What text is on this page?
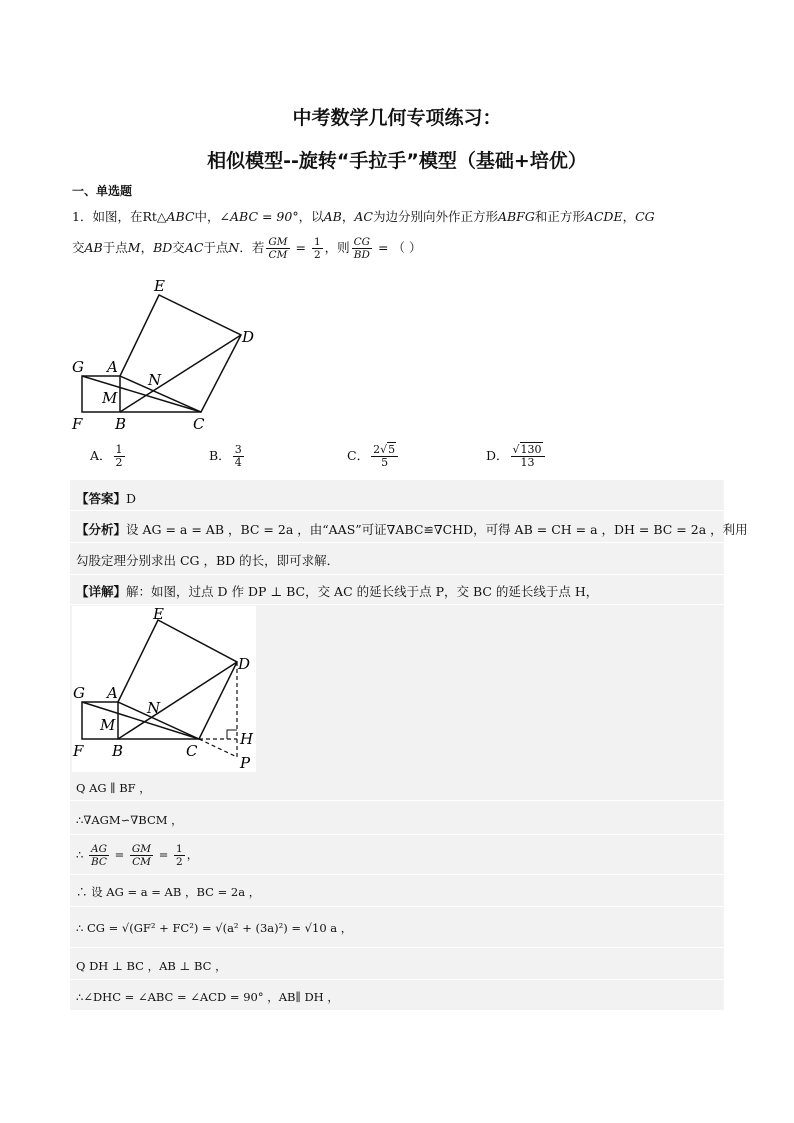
中考数学几何专项练习：
相似模型--旋转“手拉手”模型（基础+培优）
一、单选题
1．如图，在Rt△ABC中，∠ABC = 90°，以AB，AC为边分别向外作正方形ABFG和正方形ACDE，CG
交AB于点M，BD交AC于点N．若 $\frac{GM}{CM} = \frac{1}{2}$ ，则 $\frac{CG}{BD}$ = （ ）
E
D
G A
N
M
F B	C
A． $\frac{1}{2}$	B． $\frac{3}{4}$	C． $\frac{2√5}{5}$	D． $\frac{√130}{13}$
【答案】D
【分析】设 AG = a = AB ，BC = 2a ，由“AAS”可证∇ABC≌∇CHD，可得 AB = CH = a ，DH = BC = 2a ，利用
勾股定理分别求出 CG ，BD 的长，即可求解．
【详解】解：如图，过点 D 作 DP ⊥ BC，交 AC 的延长线于点 P，交 BC 的延长线于点 H，
E
D
G A
N
M
F B	C
H
P
Q AG ∥ BF ，
∴∇AGM∽∇BCM ，
∴ $\frac{AG}{BC} = \frac{GM}{CM} = \frac{1}{2}$ ，
∴ 设 AG = a = AB ，BC = 2a ，
∴ CG = √(GF² + FC²) = √(a² + (3a)²) = √10 a ，
Q DH ⊥ BC ，AB ⊥ BC ，
∴∠DHC = ∠ABC = ∠ACD = 90° ，AB∥ DH ，
